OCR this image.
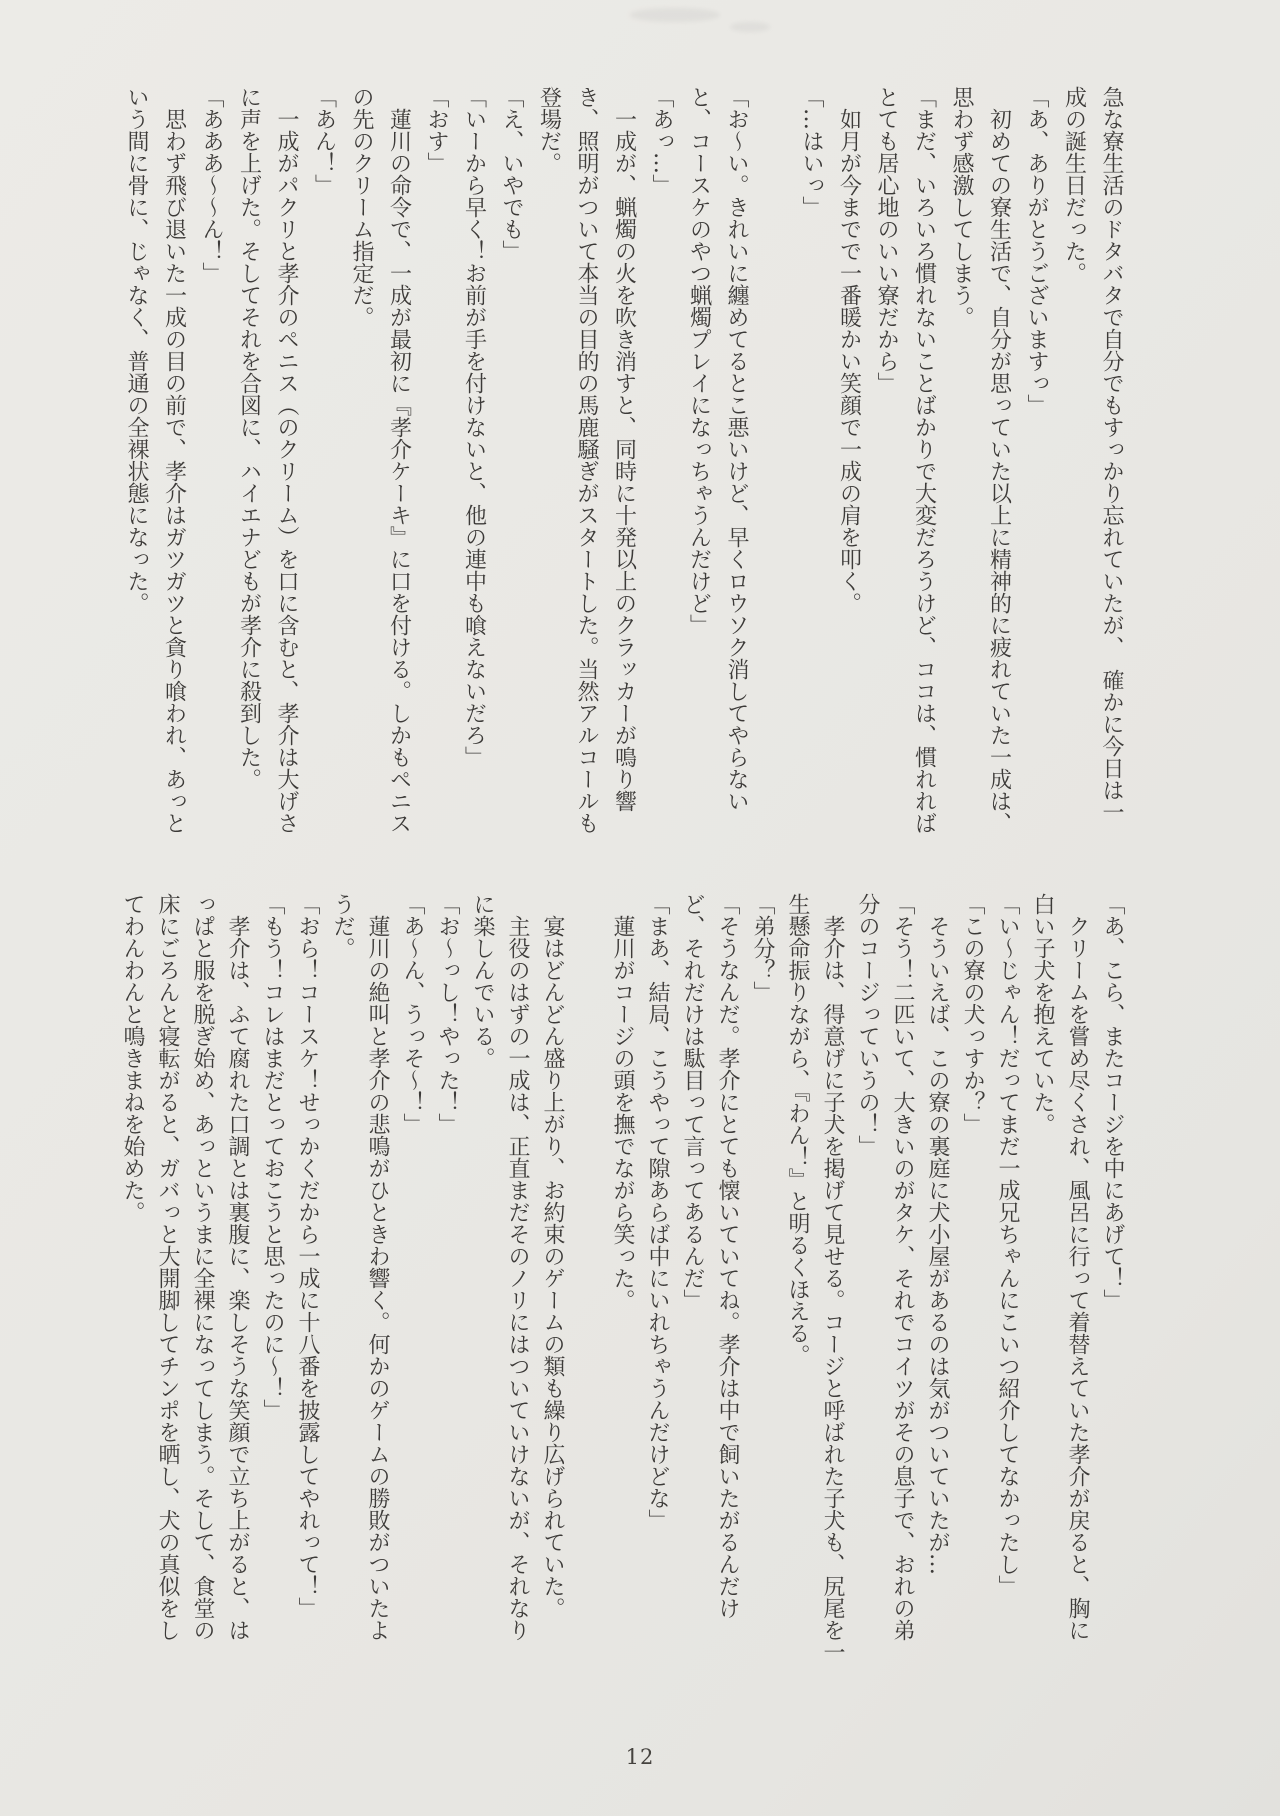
急な寮生活のドタバタで自分でもすっかり忘れていたが、　確かに今日は一

成の誕生日だった。

「あ、ありがとうございますっ」

　初めての寮生活で、自分が思っていた以上に精神的に疲れていた一成は、

思わず感激してしまう。

「まだ、いろいろ慣れないことばかりで大変だろうけど、ココは、慣れれば

とても居心地のいい寮だから」

　如月が今までで一番暖かい笑顔で一成の肩を叩く。

「…はいっ」

「お〜い。きれいに纏めてるとこ悪いけど、早くロウソク消してやらない

と、コースケのやつ蝋燭プレイになっちゃうんだけど」

「あっ…」

　一成が、蝋燭の火を吹き消すと、同時に十発以上のクラッカーが鳴り響

き、照明がついて本当の目的の馬鹿騒ぎがスタートした。当然アルコールも

登場だ。

「え、いやでも」

「いーから早く！お前が手を付けないと、他の連中も喰えないだろ」

「おす」

　蓮川の命令で、一成が最初に『孝介ケーキ』に口を付ける。しかもペニス

の先のクリーム指定だ。

「あん！」

　一成がパクリと孝介のペニス（のクリーム）を口に含むと、孝介は大げさ

に声を上げた。そしてそれを合図に、ハイエナどもが孝介に殺到した。

「あああ〜〜ん！」

　思わず飛び退いた一成の目の前で、孝介はガツガツと貪り喰われ、あっと

いう間に骨に、じゃなく、普通の全裸状態になった。

「あ、こら、またコージを中にあげて！」

　クリームを嘗め尽くされ、風呂に行って着替えていた孝介が戻ると、胸に

白い子犬を抱えていた。

「い〜じゃん！だってまだ一成兄ちゃんにこいつ紹介してなかったし」

「この寮の犬っすか？」

　そういえば、この寮の裏庭に犬小屋があるのは気がついていたが…

「そう！二匹いて、大きいのがタケ、それでコイツがその息子で、おれの弟

分のコージっていうの！」

　孝介は、得意げに子犬を掲げて見せる。コージと呼ばれた子犬も、尻尾を一

生懸命振りながら、『わん！』と明るくほえる。

「弟分？」

「そうなんだ。孝介にとても懐いていてね。孝介は中で飼いたがるんだけ

ど、それだけは駄目って言ってあるんだ」

「まあ、結局、こうやって隙あらば中にいれちゃうんだけどな」

　蓮川がコージの頭を撫でながら笑った。

　宴はどんどん盛り上がり、お約束のゲームの類も繰り広げられていた。

　主役のはずの一成は、正直まだそのノリにはついていけないが、それなり

に楽しんでいる。

「お〜っし！やった！」

「あ〜ん、うっそ〜！」

　蓮川の絶叫と孝介の悲鳴がひときわ響く。何かのゲームの勝敗がついたよ

うだ。

「おら！コースケ！せっかくだから一成に十八番を披露してやれって！」

「もう！コレはまだとっておこうと思ったのに〜！」

　孝介は、ふて腐れた口調とは裏腹に、楽しそうな笑顔で立ち上がると、は

っぱと服を脱ぎ始め、あっというまに全裸になってしまう。そして、食堂の

床にごろんと寝転がると、ガバっと大開脚してチンポを晒し、犬の真似をし

てわんわんと鳴きまねを始めた。

12
